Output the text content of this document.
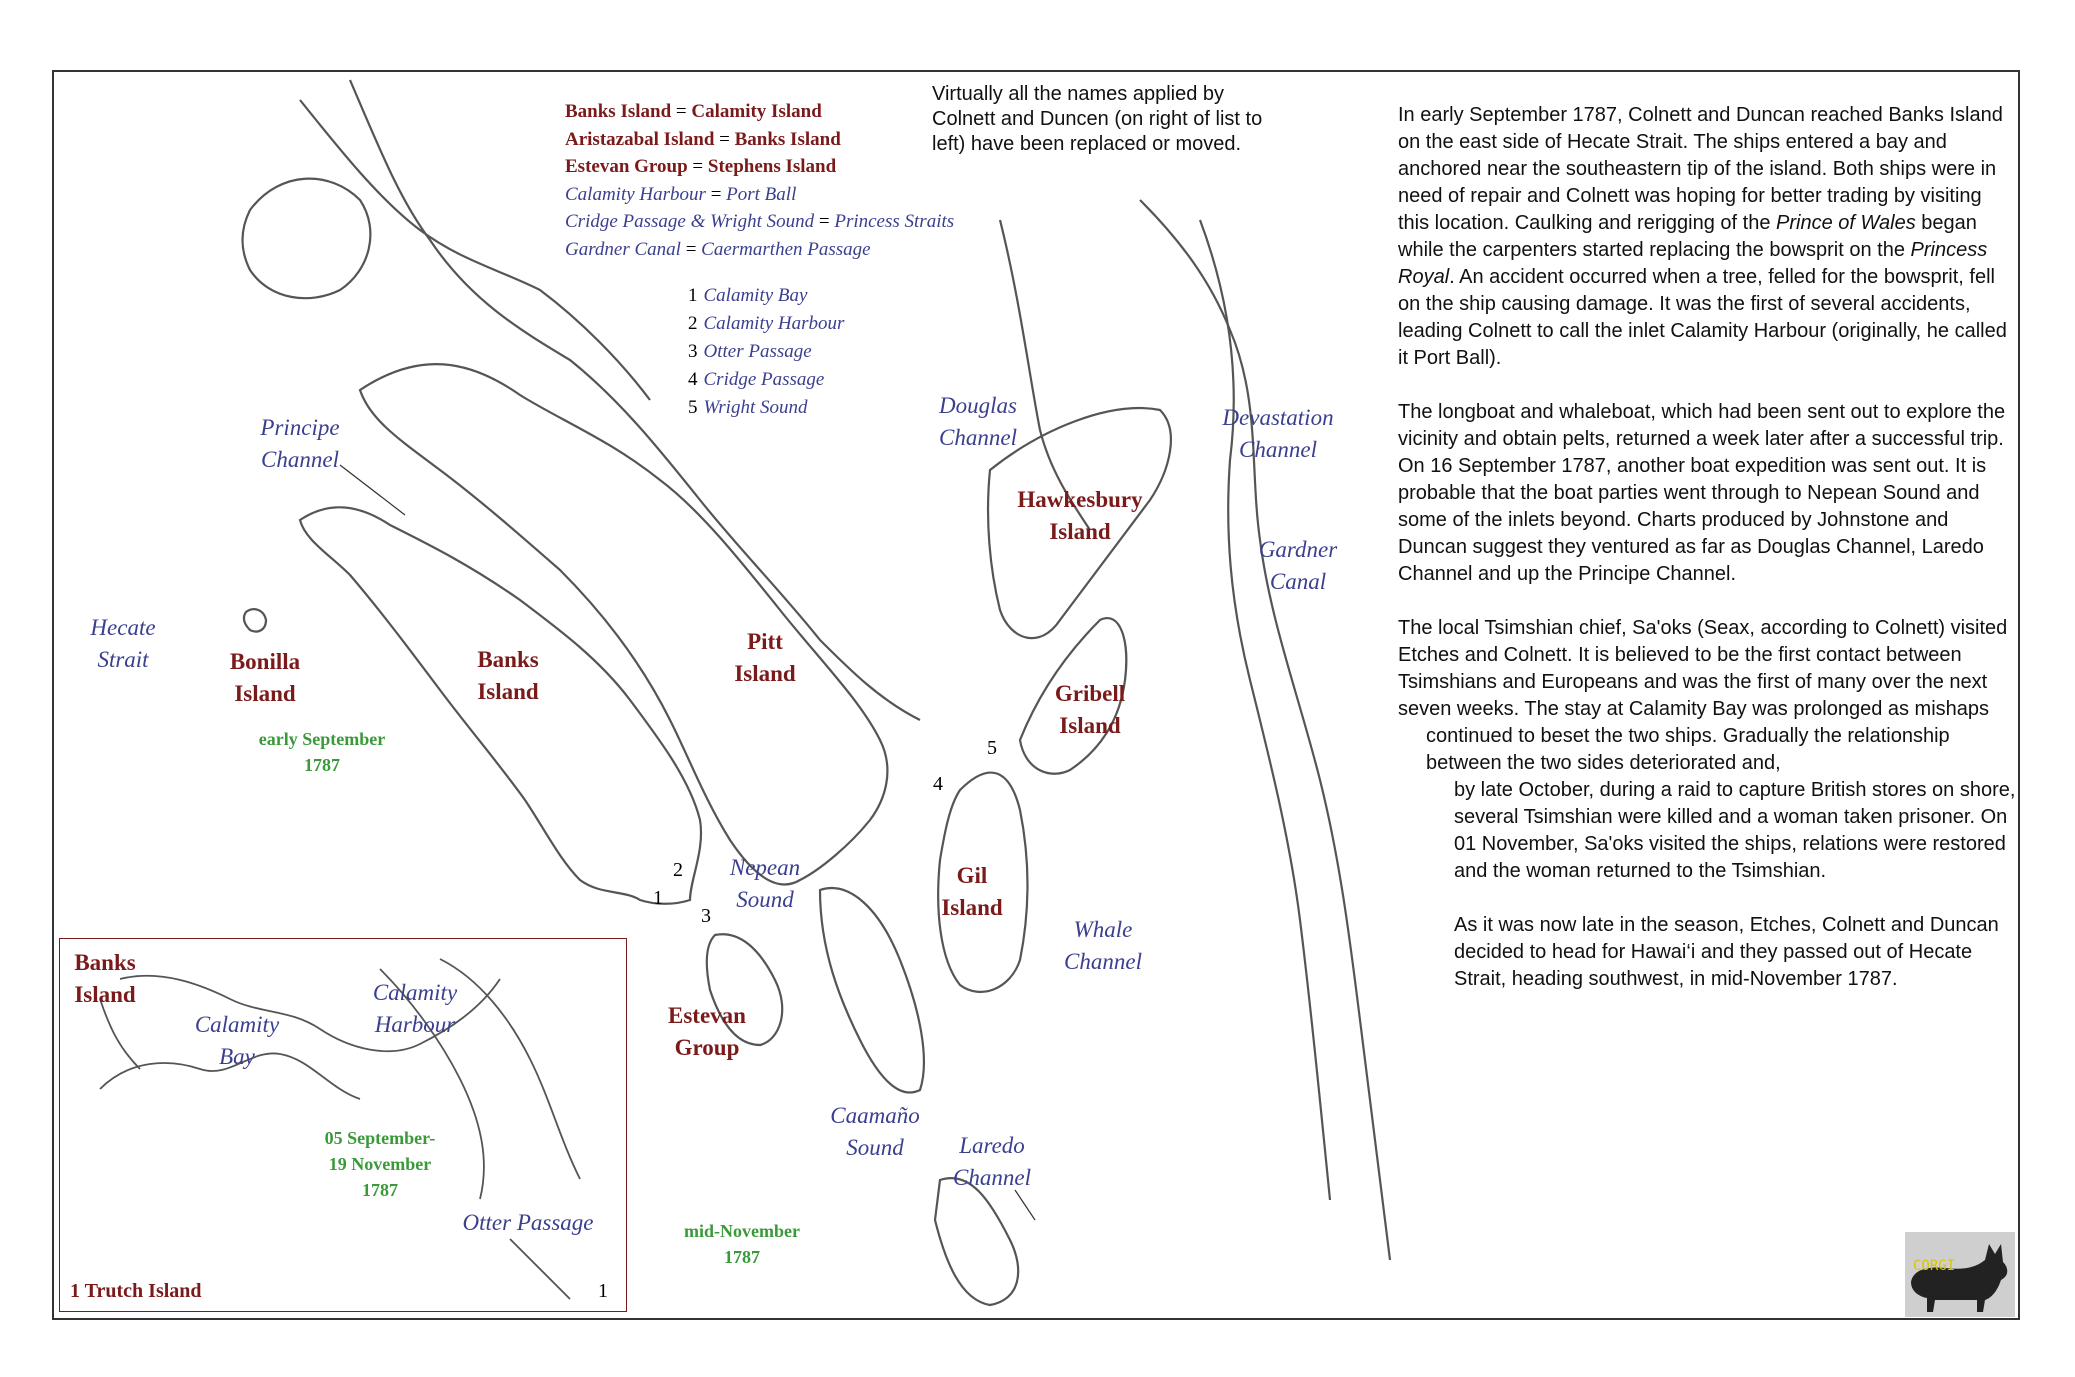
Banks Island = Calamity Island
Aristazabal Island = Banks Island
Estevan Group = Stephens Island
Calamity Harbour = Port Ball
Cridge Passage & Wright Sound = Princess Straits
Gardner Canal = Caermarthen Passage
1 Calamity Bay
2 Calamity Harbour
3 Otter Passage
4 Cridge Passage
5 Wright Sound
Virtually all the names applied by Colnett and Duncen (on right of list to left) have been replaced or moved.

In early September 1787, Colnett and Duncan reached Banks Island on the east side of Hecate Strait. The ships entered a bay and anchored near the southeastern tip of the island. Both ships were in need of repair and Colnett was hoping for better trading by visiting this location. Caulking and rerigging of the Prince of Wales began while the carpenters started replacing the bowsprit on the Princess Royal. An accident occurred when a tree, felled for the bowsprit, fell on the ship causing damage. It was the first of several accidents, leading Colnett to call the inlet Calamity Harbour (originally, he called it Port Ball).

The longboat and whaleboat, which had been sent out to explore the vicinity and obtain pelts, returned a week later after a successful trip. On 16 September 1787, another boat expedition was sent out. It is probable that the boat parties went through to Nepean Sound and some of the inlets beyond. Charts produced by Johnstone and Duncan suggest they ventured as far as Douglas Channel, Laredo Channel and up the Principe Channel.

The local Tsimshian chief, Sa'oks (Seax, according to Colnett) visited Etches and Colnett. It is believed to be the first contact between Tsimshians and Europeans and was the first of many over the next seven weeks. The stay at Calamity Bay was prolonged as mishaps

continued to beset the two ships. Gradually the relationship between the two sides deteriorated and,

by late October, during a raid to capture British stores on shore, several Tsimshian were killed and a woman taken prisoner. On 01 November, Sa'oks visited the ships, relations were restored and the woman returned to the Tsimshian.

As it was now late in the season, Etches, Colnett and Duncan decided to head for Hawai‘i and they passed out of Hecate Strait, heading southwest, in mid-November 1787.

Hecate
Strait
Principe
Channel
Douglas
Channel
Devastation
Channel
Gardner
Canal
Nepean
Sound
Whale
Channel
Caamaño
Sound	Laredo
Channel
Bonilla
Island
Banks
Island
Pitt
Island
Hawkesbury
Island
Gribell
Island
Gil
Island
Estevan
Group
early September
1787
mid-November
1787
1
2
3
4
5
Banks
Island
Calamity
Bay
Calamity
Harbour
05 September-
19 November
1787
Otter Passage
1 Trutch Island	1
CORGI
